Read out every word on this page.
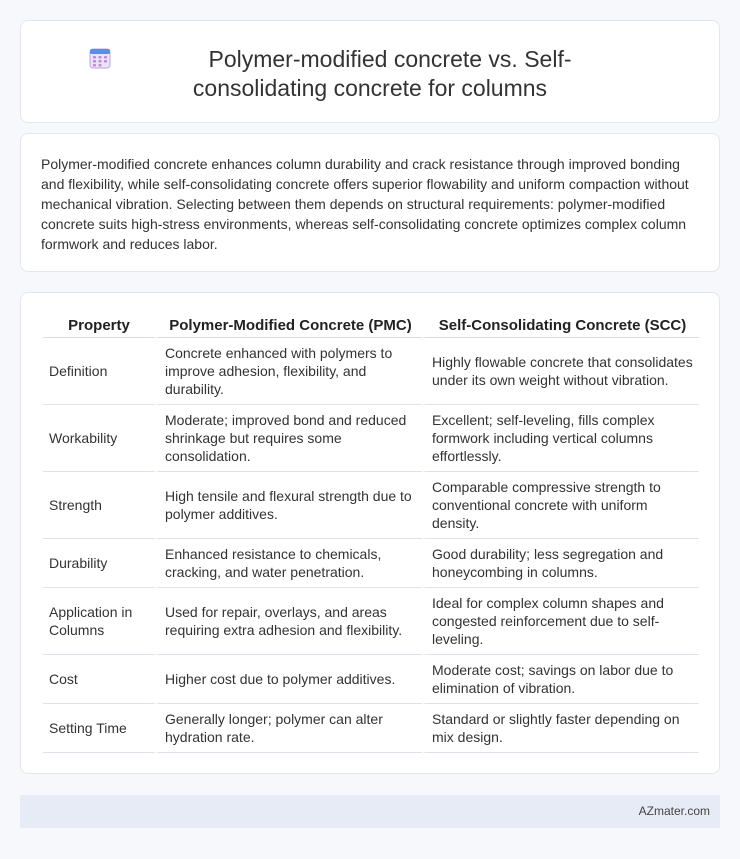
Polymer-modified concrete vs. Self-consolidating concrete for columns

Polymer-modified concrete enhances column durability and crack resistance through improved bonding and flexibility, while self-consolidating concrete offers superior flowability and uniform compaction without mechanical vibration. Selecting between them depends on structural requirements: polymer-modified concrete suits high-stress environments, whereas self-consolidating concrete optimizes complex column formwork and reduces labor.

Property	Polymer-Modified Concrete (PMC)	Self-Consolidating Concrete (SCC)
Definition	Concrete enhanced with polymers to improve adhesion, flexibility, and durability.	Highly flowable concrete that consolidates under its own weight without vibration.
Workability	Moderate; improved bond and reduced shrinkage but requires some consolidation.	Excellent; self-leveling, fills complex formwork including vertical columns effortlessly.
Strength	High tensile and flexural strength due to polymer additives.	Comparable compressive strength to conventional concrete with uniform density.
Durability	Enhanced resistance to chemicals, cracking, and water penetration.	Good durability; less segregation and honeycombing in columns.
Application in Columns	Used for repair, overlays, and areas requiring extra adhesion and flexibility.	Ideal for complex column shapes and congested reinforcement due to self-leveling.
Cost	Higher cost due to polymer additives.	Moderate cost; savings on labor due to elimination of vibration.
Setting Time	Generally longer; polymer can alter hydration rate.	Standard or slightly faster depending on mix design.
AZmater.com
